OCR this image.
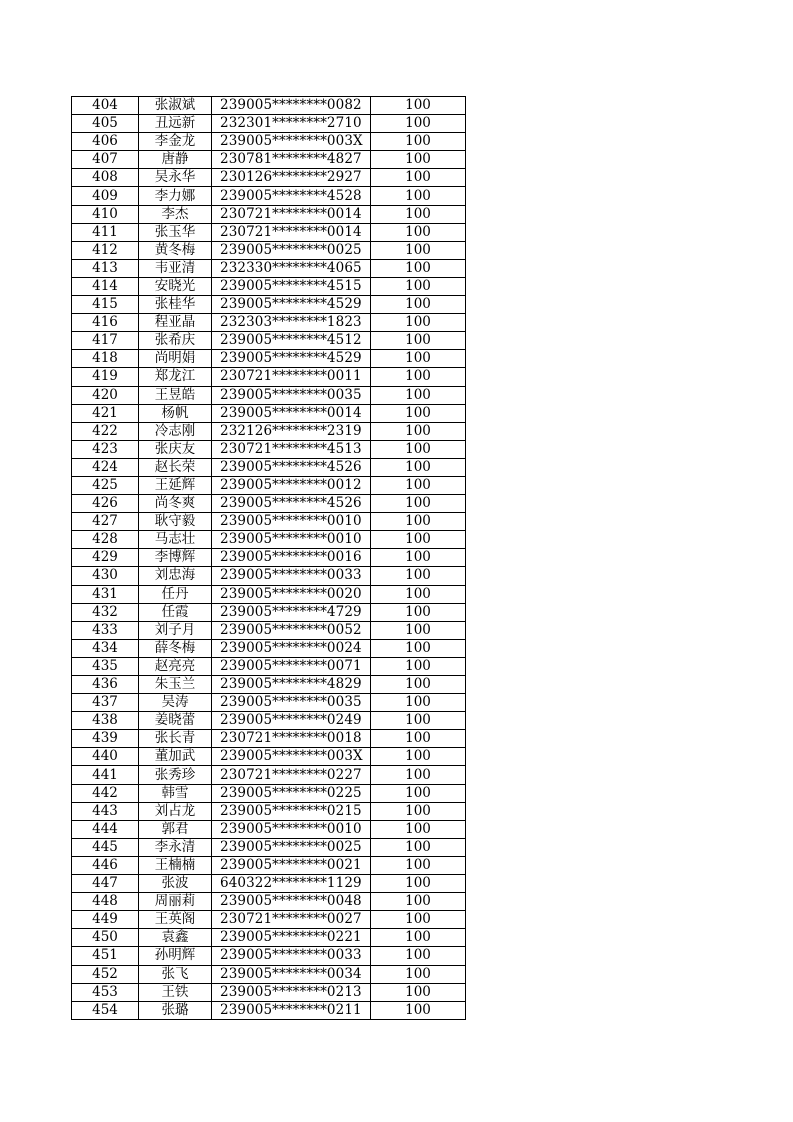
404	张淑斌	239005********0082	100
405	丑远新	232301********2710	100
406	李金龙	239005********003X	100
407	唐静	230781********4827	100
408	吴永华	230126********2927	100
409	李力娜	239005********4528	100
410	李杰	230721********0014	100
411	张玉华	230721********0014	100
412	黄冬梅	239005********0025	100
413	韦亚清	232330********4065	100
414	安晓光	239005********4515	100
415	张桂华	239005********4529	100
416	程亚晶	232303********1823	100
417	张希庆	239005********4512	100
418	尚明娟	239005********4529	100
419	郑龙江	230721********0011	100
420	王昱皓	239005********0035	100
421	杨帆	239005********0014	100
422	冷志刚	232126********2319	100
423	张庆友	230721********4513	100
424	赵长荣	239005********4526	100
425	王延辉	239005********0012	100
426	尚冬爽	239005********4526	100
427	耿守毅	239005********0010	100
428	马志壮	239005********0010	100
429	李博辉	239005********0016	100
430	刘忠海	239005********0033	100
431	任丹	239005********0020	100
432	任霞	239005********4729	100
433	刘子月	239005********0052	100
434	薛冬梅	239005********0024	100
435	赵亮亮	239005********0071	100
436	朱玉兰	239005********4829	100
437	吴涛	239005********0035	100
438	姜晓蕾	239005********0249	100
439	张长青	230721********0018	100
440	董加武	239005********003X	100
441	张秀珍	230721********0227	100
442	韩雪	239005********0225	100
443	刘占龙	239005********0215	100
444	郭君	239005********0010	100
445	李永清	239005********0025	100
446	王楠楠	239005********0021	100
447	张波	640322********1129	100
448	周丽莉	239005********0048	100
449	王英阁	230721********0027	100
450	袁鑫	239005********0221	100
451	孙明辉	239005********0033	100
452	张飞	239005********0034	100
453	王铁	239005********0213	100
454	张璐	239005********0211	100
